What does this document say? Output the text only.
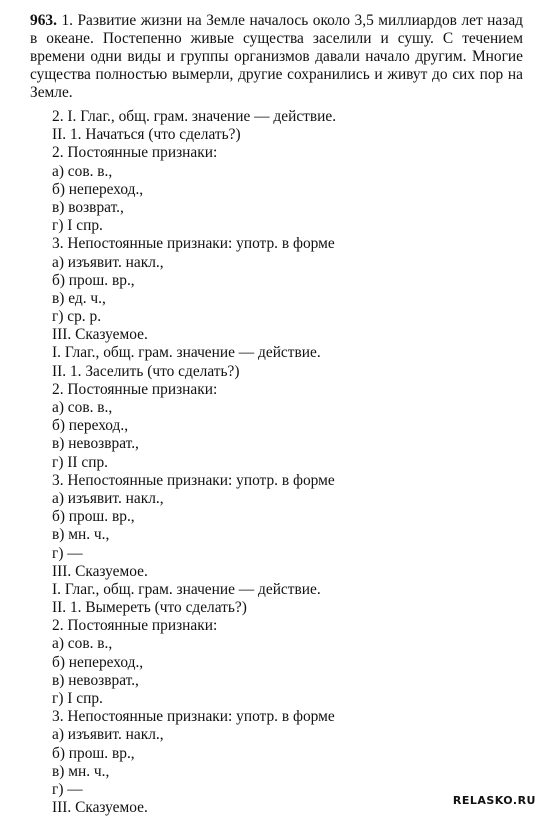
963. 1. Развитие жизни на Земле началось около 3,5 миллиардов лет назад в океане. Постепенно живые существа заселили и сушу. С течением времени одни виды и группы организмов давали начало другим. Многие существа полностью вымерли, другие сохранились и живут до сих пор на Земле.

2. I. Глаг., общ. грам. значение — действие.
II. 1. Начаться (что сделать?)
2. Постоянные признаки:
а) сов. в.,
б) непереход.,
в) возврат.,
г) I спр.
3. Непостоянные признаки: употр. в форме
а) изъявит. накл.,
б) прош. вр.,
в) ед. ч.,
г) ср. р.
III. Сказуемое.
I. Глаг., общ. грам. значение — действие.
II. 1. Заселить (что сделать?)
2. Постоянные признаки:
а) сов. в.,
б) переход.,
в) невозврат.,
г) II спр.
3. Непостоянные признаки: употр. в форме
а) изъявит. накл.,
б) прош. вр.,
в) мн. ч.,
г) —
III. Сказуемое.
I. Глаг., общ. грам. значение — действие.
II. 1. Вымереть (что сделать?)
2. Постоянные признаки:
а) сов. в.,
б) непереход.,
в) невозврат.,
г) I спр.
3. Непостоянные признаки: употр. в форме
а) изъявит. накл.,
б) прош. вр.,
в) мн. ч.,
г) —
III. Сказуемое.	RELASKO.RU
